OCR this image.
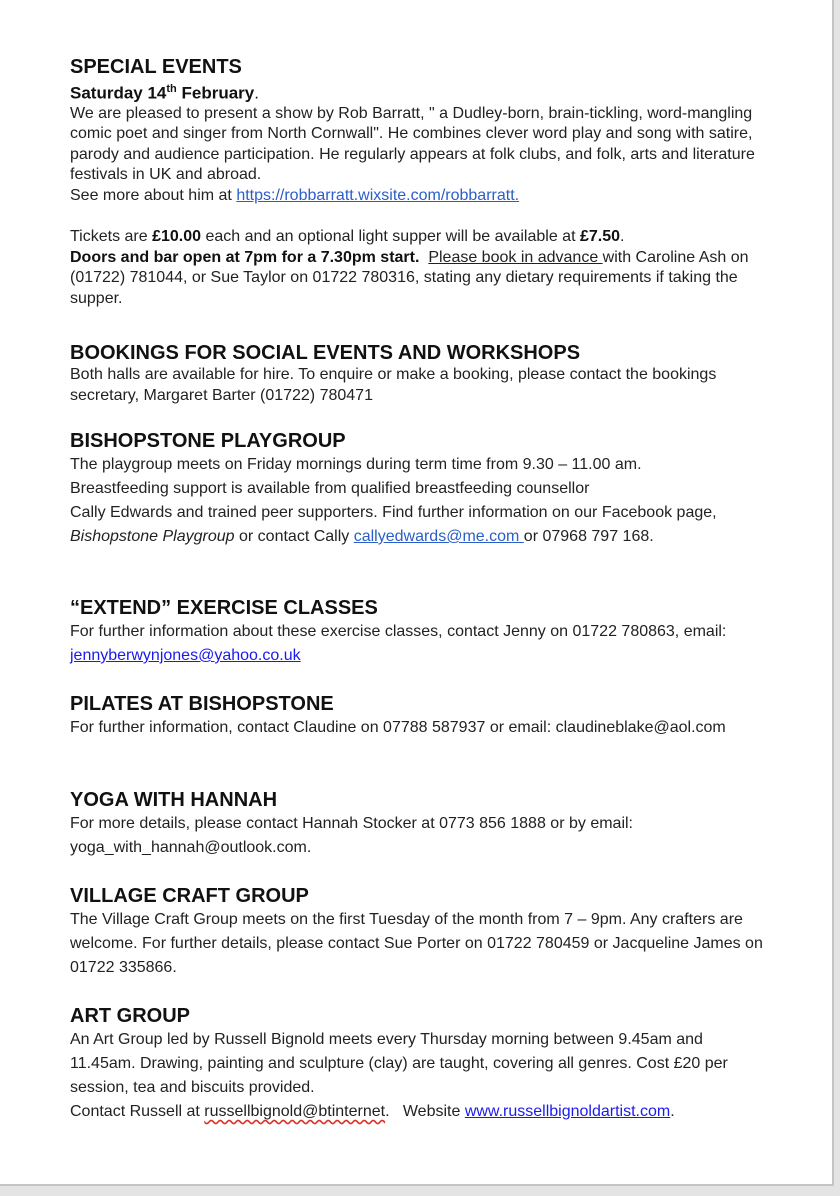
SPECIAL EVENTS
Saturday 14th February.

We are pleased to present a show by Rob Barratt, " a Dudley-born, brain-tickling, word-mangling comic poet and singer from North Cornwall". He combines clever word play and song with satire, parody and audience participation. He regularly appears at folk clubs, and folk, arts and literature festivals in UK and abroad.

See more about him at https://robbarratt.wixsite.com/robbarratt.

Tickets are £10.00 each and an optional light supper will be available at £7.50.

Doors and bar open at 7pm for a 7.30pm start. Please book in advance with Caroline Ash on (01722) 781044, or Sue Taylor on 01722 780316, stating any dietary requirements if taking the supper.

BOOKINGS FOR SOCIAL EVENTS AND WORKSHOPS

Both halls are available for hire. To enquire or make a booking, please contact the bookings secretary, Margaret Barter (01722) 780471

BISHOPSTONE PLAYGROUP

The playgroup meets on Friday mornings during term time from 9.30 – 11.00 am.

Breastfeeding support is available from qualified breastfeeding counsellor

Cally Edwards and trained peer supporters. Find further information on our Facebook page, Bishopstone Playgroup or contact Cally callyedwards@me.com or 07968 797 168.

“EXTEND” EXERCISE CLASSES

For further information about these exercise classes, contact Jenny on 01722 780863, email: jennyberwynjones@yahoo.co.uk

PILATES AT BISHOPSTONE

For further information, contact Claudine on 07788 587937 or email: claudineblake@aol.com

YOGA WITH HANNAH

For more details, please contact Hannah Stocker at 0773 856 1888 or by email: yoga_with_hannah@outlook.com.

VILLAGE CRAFT GROUP

The Village Craft Group meets on the first Tuesday of the month from 7 – 9pm. Any crafters are welcome. For further details, please contact Sue Porter on 01722 780459 or Jacqueline James on 01722 335866.

ART GROUP

An Art Group led by Russell Bignold meets every Thursday morning between 9.45am and 11.45am. Drawing, painting and sculpture (clay) are taught, covering all genres. Cost £20 per session, tea and biscuits provided.

Contact Russell at russellbignold@btinternet.   Website www.russellbignoldartist.com.
